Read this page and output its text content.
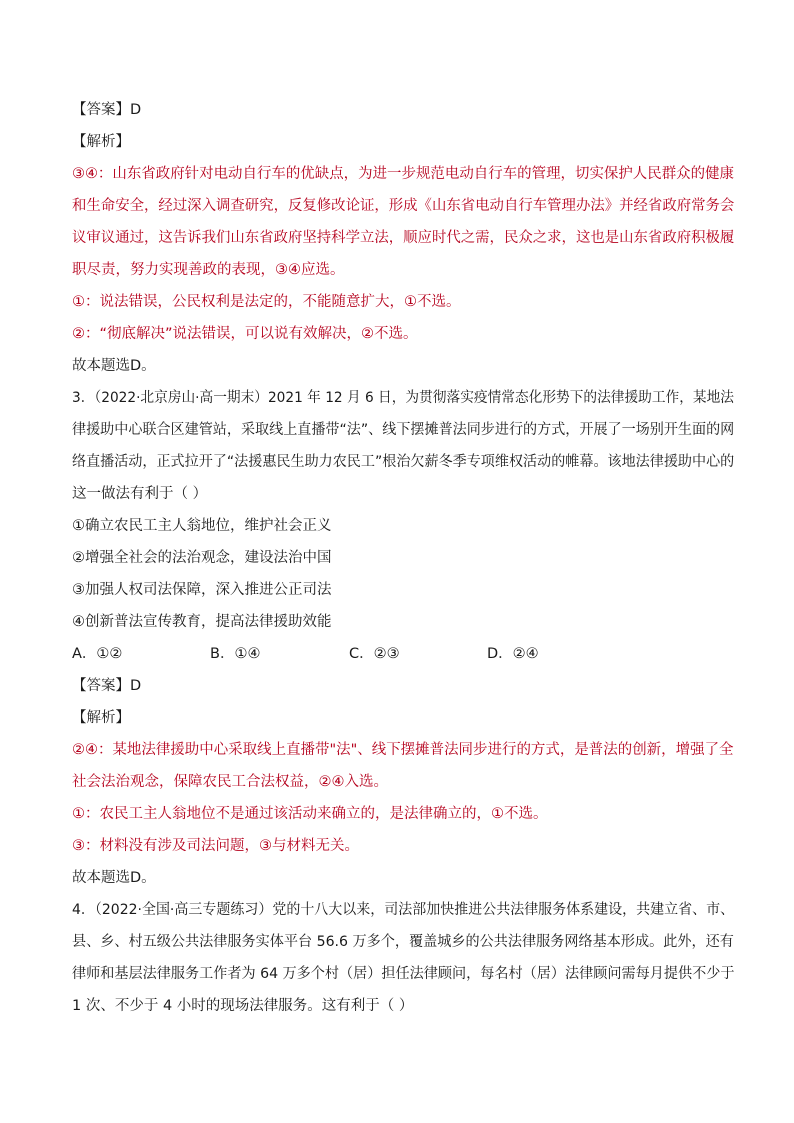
【答案】D
【解析】
③④：山东省政府针对电动自行车的优缺点，为进一步规范电动自行车的管理，切实保护人民群众的健康
和生命安全，经过深入调查研究，反复修改论证，形成《山东省电动自行车管理办法》并经省政府常务会
议审议通过，这告诉我们山东省政府坚持科学立法，顺应时代之需，民众之求，这也是山东省政府积极履
职尽责，努力实现善政的表现，③④应选。
①：说法错误，公民权利是法定的，不能随意扩大，①不选。
②：“彻底解决”说法错误，可以说有效解决，②不选。
故本题选D。
3．（2022·北京房山·高一期末）2021 年 12 月 6 日，为贯彻落实疫情常态化形势下的法律援助工作，某地法
律援助中心联合区建管站，采取线上直播带“法”、线下摆摊普法同步进行的方式，开展了一场别开生面的网
络直播活动，正式拉开了“法援惠民生助力农民工”根治欠薪冬季专项维权活动的帷幕。该地法律援助中心的
这一做法有利于（ ）
①确立农民工主人翁地位，维护社会正义
②增强全社会的法治观念，建设法治中国
③加强人权司法保障，深入推进公正司法
④创新普法宣传教育，提高法律援助效能
A．①②	B．①④	C．②③	D．②④
【答案】D
【解析】
②④：某地法律援助中心采取线上直播带"法"、线下摆摊普法同步进行的方式，是普法的创新，增强了全
社会法治观念，保障农民工合法权益，②④入选。
①：农民工主人翁地位不是通过该活动来确立的，是法律确立的，①不选。
③：材料没有涉及司法问题，③与材料无关。
故本题选D。
4．（2022·全国·高三专题练习）党的十八大以来，司法部加快推进公共法律服务体系建设，共建立省、市、
县、乡、村五级公共法律服务实体平台 56.6 万多个，覆盖城乡的公共法律服务网络基本形成。此外，还有
律师和基层法律服务工作者为 64 万多个村（居）担任法律顾问，每名村（居）法律顾问需每月提供不少于
1 次、不少于 4 小时的现场法律服务。这有利于（ ）
